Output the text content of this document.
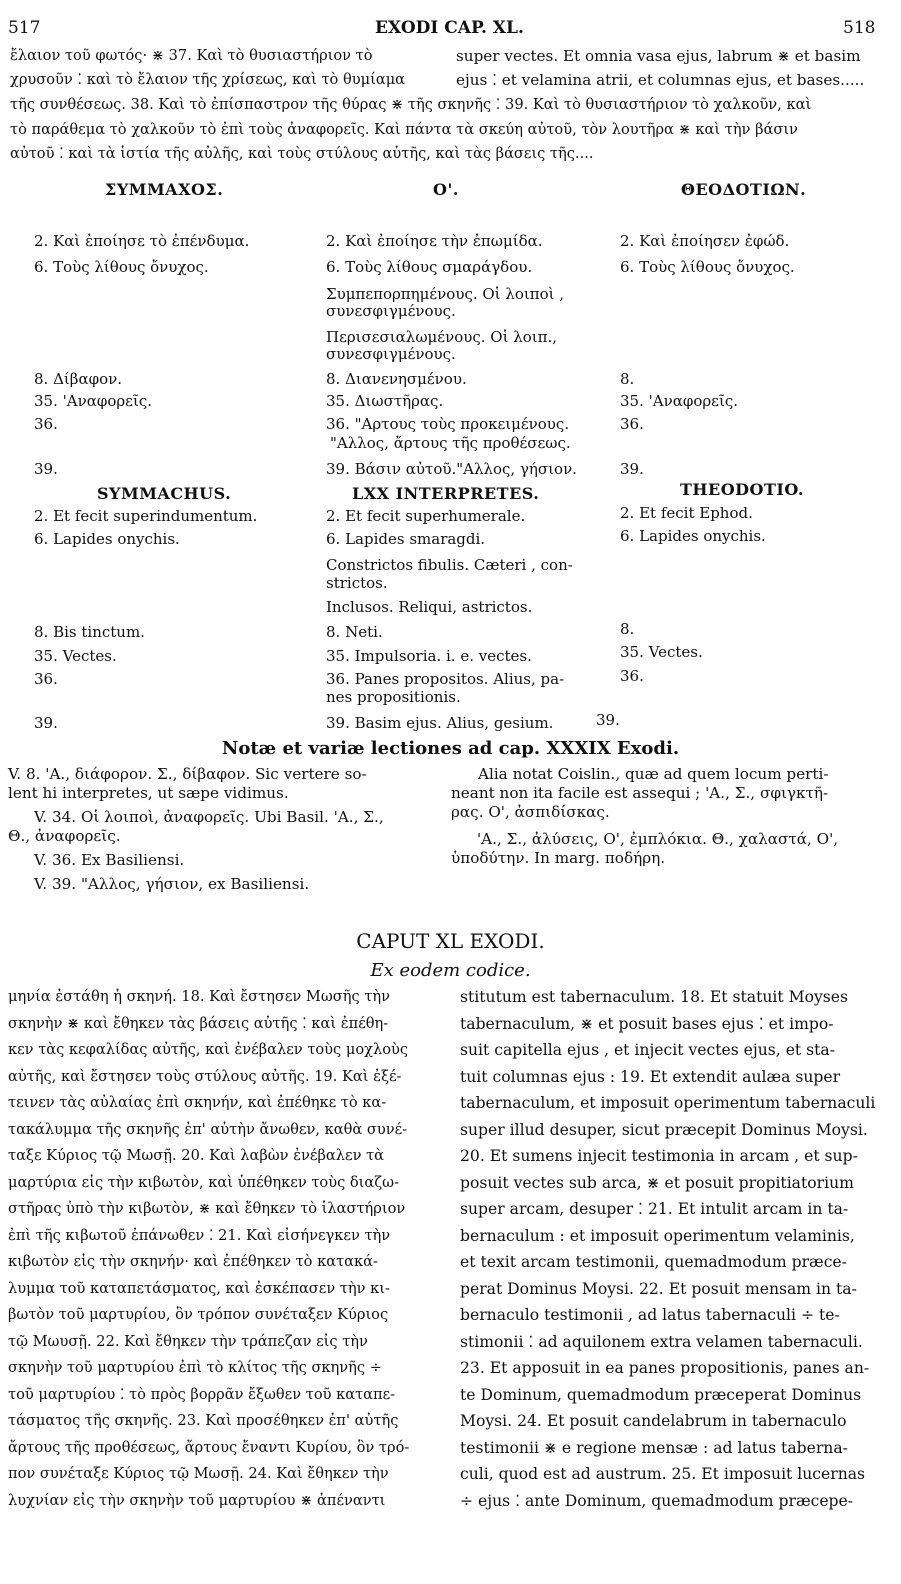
517	EXODI CAP. XL.	518
ἔλαιον τοῦ φωτός· ⋇ 37. Καὶ τὸ θυσιαστήριον τὸ
χρυσοῦν ⁚ καὶ τὸ ἔλαιον τῆς χρίσεως, καὶ τὸ θυμίαμα
τῆς συνθέσεως. 38. Καὶ τὸ ἐπίσπαστρον τῆς θύρας ⋇ τῆς σκηνῆς ⁚ 39. Καὶ τὸ θυσιαστήριον τὸ χαλκοῦν, καὶ
super vectes. Et omnia vasa ejus, labrum ⋇ et basim
ejus ⁚ et velamina atrii, et columnas ejus, et bases.....
τὸ παράθεμα τὸ χαλκοῦν τὸ ἐπὶ τοὺς ἀναφορεῖς. Καὶ πάντα τὰ σκεύη αὐτοῦ, τὸν λουτῆρα ⋇ καὶ τὴν βάσιν
αὐτοῦ ⁚ καὶ τὰ ἱστία τῆς αὐλῆς, καὶ τοὺς στύλους αὐτῆς, καὶ τὰς βάσεις τῆς....
ΣΥΜΜΑΧΟΣ.	Ο'.	ΘΕΟΔΟΤΙΩΝ.
2. Καὶ ἐποίησε τὸ ἐπένδυμα.	2. Καὶ ἐποίησε τὴν ἐπωμίδα.	2. Καὶ ἐποίησεν ἐφώδ.
6. Τοὺς λίθους ὄνυχος.	6. Τοὺς λίθους σμαράγδου.	6. Τοὺς λίθους ὄνυχος.
Συμπεπορπημένους. Οἱ λοιποὶ ,
συνεσφιγμένους.
Περισεσιαλωμένους. Οἱ λοιπ.,
συνεσφιγμένους.
8. Δίβαφον.	8. Διανενησμένου.	8.
35. 'Αναφορεῖς.	35. Διωστῆρας.	35. 'Αναφορεῖς.
36.	36. "Αρτους τοὺς προκειμένους.	36.
"Αλλος, ἄρτους τῆς προθέσεως.
39.	39. Βάσιν αὐτοῦ."Αλλος, γήσιον.	39.
SYMMACHUS.	LXX INTERPRETES.	THEODOTIO.
2. Et fecit superindumentum.	2. Et fecit superhumerale.	2. Et fecit Ephod.
6. Lapides onychis.	6. Lapides smaragdi.	6. Lapides onychis.
Constrictos fibulis. Cæteri , con-
strictos.
Inclusos. Reliqui, astrictos.
8. Bis tinctum.	8. Neti.	8.
35. Vectes.	35. Impulsoria. i. e. vectes.	35. Vectes.
36.	36. Panes propositos. Alius, pa-	36.
nes propositionis.
39.	39. Basim ejus. Alius, gesium.	39.
Notæ et variæ lectiones ad cap. XXXIX Exodi.
V. 8. 'Α., διάφορον. Σ., δίβαφον. Sic vertere so-
lent hi interpretes, ut sæpe vidimus.
V. 34. Οἱ λοιποὶ, ἀναφορεῖς. Ubi Basil. 'Α., Σ.,
Θ., ἀναφορεῖς.
V. 36. Ex Basiliensi.
V. 39. "Αλλος, γήσιον, ex Basiliensi.
Alia notat Coislin., quæ ad quem locum perti-
neant non ita facile est assequi ; 'Α., Σ., σφιγκτῆ-
ρας. Ο', ἀσπιδίσκας.
'Α., Σ., ἀλύσεις, Ο', ἐμπλόκια. Θ., χαλαστά, Ο',
ὑποδύτην. In marg. ποδήρη.
CAPUT XL EXODI.
Ex eodem codice.
μηνία ἐστάθη ἡ σκηνή. 18. Καὶ ἔστησεν Μωσῆς τὴν
σκηνὴν ⋇ καὶ ἔθηκεν τὰς βάσεις αὐτῆς ⁚ καὶ ἐπέθη-
κεν τὰς κεφαλίδας αὐτῆς, καὶ ἐνέβαλεν τοὺς μοχλοὺς
αὐτῆς, καὶ ἔστησεν τοὺς στύλους αὐτῆς. 19. Καὶ ἐξέ-
τεινεν τὰς αὐλαίας ἐπὶ σκηνήν, καὶ ἐπέθηκε τὸ κα-
τακάλυμμα τῆς σκηνῆς ἐπ' αὐτὴν ἄνωθεν, καθὰ συνέ-
ταξε Κύριος τῷ Μωσῇ. 20. Καὶ λαβὼν ἐνέβαλεν τὰ
μαρτύρια εἰς τὴν κιβωτὸν, καὶ ὑπέθηκεν τοὺς διαζω-
στῆρας ὑπὸ τὴν κιβωτὸν, ⋇ καὶ ἔθηκεν τὸ ἱλαστήριον
ἐπὶ τῆς κιβωτοῦ ἐπάνωθεν ⁚ 21. Καὶ εἰσήνεγκεν τὴν
κιβωτὸν εἰς τὴν σκηνήν· καὶ ἐπέθηκεν τὸ κατακά-
λυμμα τοῦ καταπετάσματος, καὶ ἐσκέπασεν τὴν κι-
βωτὸν τοῦ μαρτυρίου, ὃν τρόπον συνέταξεν Κύριος
τῷ Μωυσῇ. 22. Καὶ ἔθηκεν τὴν τράπεζαν εἰς τὴν
σκηνὴν τοῦ μαρτυρίου ἐπὶ τὸ κλίτος τῆς σκηνῆς ÷
τοῦ μαρτυρίου ⁚ τὸ πρὸς βορρᾶν ἔξωθεν τοῦ καταπε-
τάσματος τῆς σκηνῆς. 23. Καὶ προσέθηκεν ἐπ' αὐτῆς
ἄρτους τῆς προθέσεως, ἄρτους ἔναντι Κυρίου, ὃν τρό-
πον συνέταξε Κύριος τῷ Μωσῇ. 24. Καὶ ἔθηκεν τὴν
λυχνίαν εἰς τὴν σκηνὴν τοῦ μαρτυρίου ⋇ ἀπέναντι
stitutum est tabernaculum. 18. Et statuit Moyses
tabernaculum, ⋇ et posuit bases ejus ⁚ et impo-
suit capitella ejus , et injecit vectes ejus, et sta-
tuit columnas ejus : 19. Et extendit aulæa super
tabernaculum, et imposuit operimentum tabernaculi
super illud desuper, sicut præcepit Dominus Moysi.
20. Et sumens injecit testimonia in arcam , et sup-
posuit vectes sub arca, ⋇ et posuit propitiatorium
super arcam, desuper ⁚ 21. Et intulit arcam in ta-
bernaculum : et imposuit operimentum velaminis,
et texit arcam testimonii, quemadmodum præce-
perat Dominus Moysi. 22. Et posuit mensam in ta-
bernaculo testimonii , ad latus tabernaculi ÷ te-
stimonii ⁚ ad aquilonem extra velamen tabernaculi.
23. Et apposuit in ea panes propositionis, panes an-
te Dominum, quemadmodum præceperat Dominus
Moysi. 24. Et posuit candelabrum in tabernaculo
testimonii ⋇ e regione mensæ : ad latus taberna-
culi, quod est ad austrum. 25. Et imposuit lucernas
÷ ejus ⁚ ante Dominum, quemadmodum præcepe-
